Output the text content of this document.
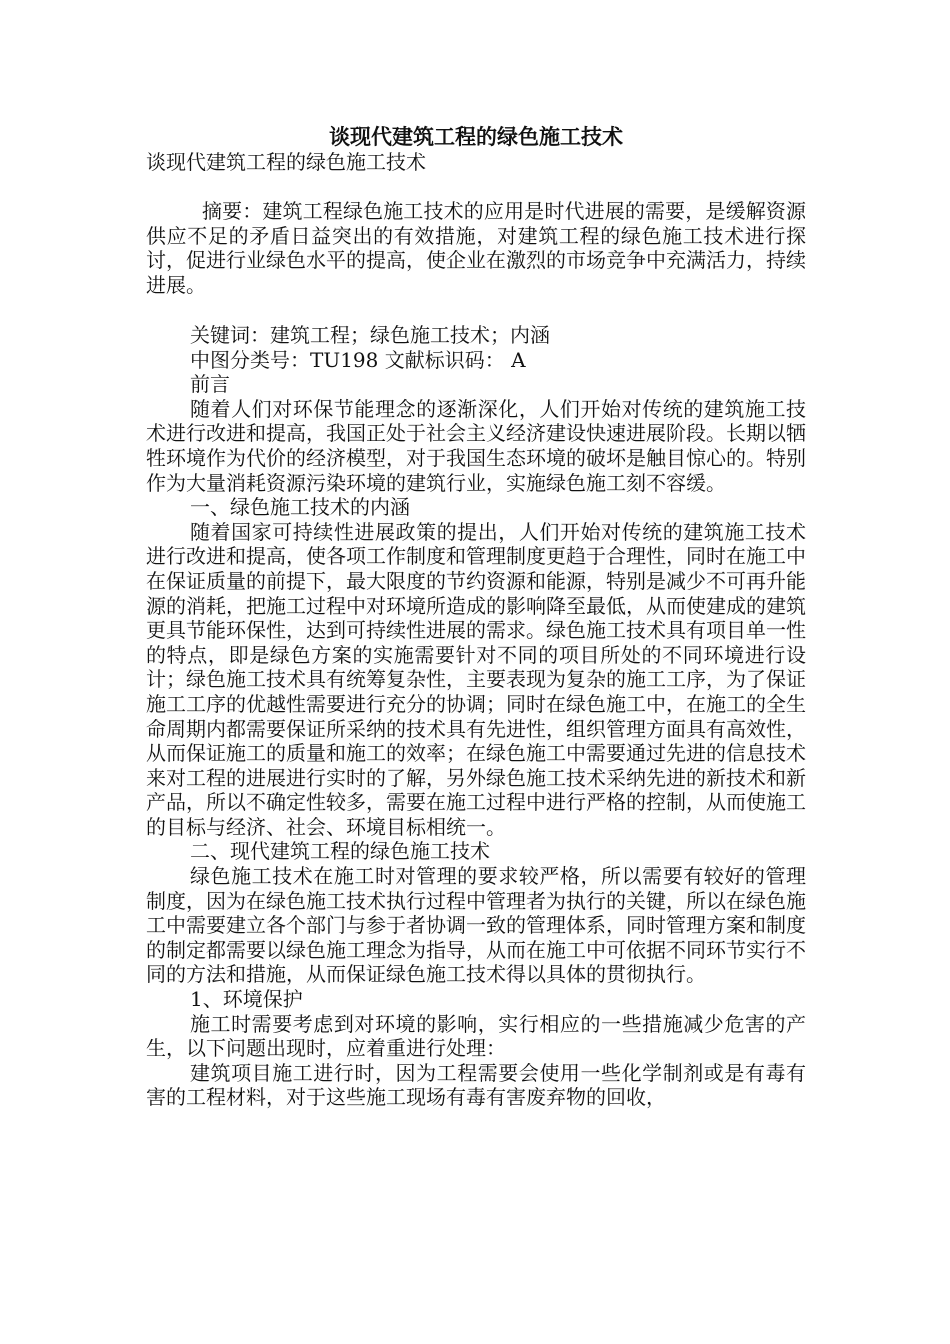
谈现代建筑工程的绿色施工技术
谈现代建筑工程的绿色施工技术

摘要：建筑工程绿色施工技术的应用是时代进展的需要，是缓解资源供应不足的矛盾日益突出的有效措施，对建筑工程的绿色施工技术进行探讨，促进行业绿色水平的提高，使企业在激烈的市场竞争中充满活力，持续进展。

关键词：建筑工程；绿色施工技术；内涵

中图分类号：TU198 文献标识码： A

前言

随着人们对环保节能理念的逐渐深化，人们开始对传统的建筑施工技术进行改进和提高，我国正处于社会主义经济建设快速进展阶段。长期以牺牲环境作为代价的经济模型，对于我国生态环境的破坏是触目惊心的。特别作为大量消耗资源污染环境的建筑行业，实施绿色施工刻不容缓。

一、绿色施工技术的内涵

随着国家可持续性进展政策的提出，人们开始对传统的建筑施工技术进行改进和提高，使各项工作制度和管理制度更趋于合理性，同时在施工中在保证质量的前提下，最大限度的节约资源和能源，特别是减少不可再升能源的消耗，把施工过程中对环境所造成的影响降至最低，从而使建成的建筑更具节能环保性，达到可持续性进展的需求。绿色施工技术具有项目单一性的特点，即是绿色方案的实施需要针对不同的项目所处的不同环境进行设计；绿色施工技术具有统筹复杂性，主要表现为复杂的施工工序，为了保证施工工序的优越性需要进行充分的协调；同时在绿色施工中，在施工的全生命周期内都需要保证所采纳的技术具有先进性，组织管理方面具有高效性，从而保证施工的质量和施工的效率；在绿色施工中需要通过先进的信息技术来对工程的进展进行实时的了解，另外绿色施工技术采纳先进的新技术和新产品，所以不确定性较多，需要在施工过程中进行严格的控制，从而使施工的目标与经济、社会、环境目标相统一。

二、现代建筑工程的绿色施工技术

绿色施工技术在施工时对管理的要求较严格，所以需要有较好的管理制度，因为在绿色施工技术执行过程中管理者为执行的关键，所以在绿色施工中需要建立各个部门与参于者协调一致的管理体系，同时管理方案和制度的制定都需要以绿色施工理念为指导，从而在施工中可依据不同环节实行不同的方法和措施，从而保证绿色施工技术得以具体的贯彻执行。

1、环境保护

施工时需要考虑到对环境的影响，实行相应的一些措施减少危害的产生，以下问题出现时，应着重进行处理：

建筑项目施工进行时，因为工程需要会使用一些化学制剂或是有毒有害的工程材料，对于这些施工现场有毒有害废弃物的回收，
